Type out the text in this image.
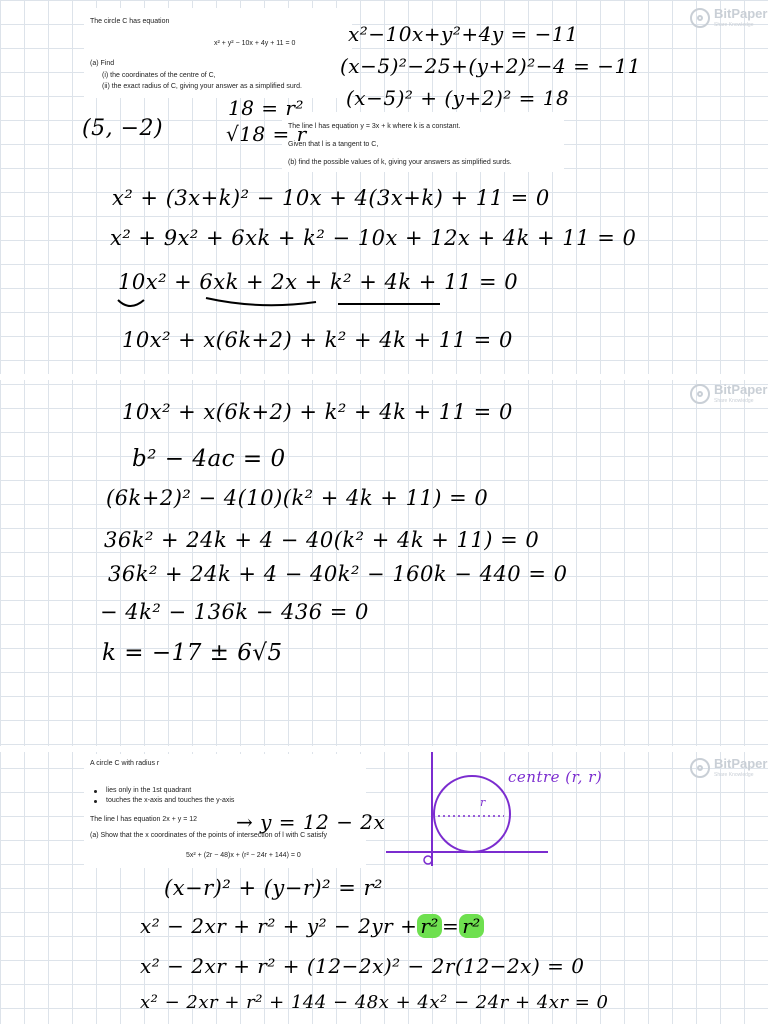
The circle C has equation
x² + y² − 10x + 4y + 11 = 0
(a) Find
(i) the coordinates of the centre of C,
(ii) the exact radius of C, giving your answer as a simplified surd.
The line l has equation y = 3x + k where k is a constant.
Given that l is a tangent to C,
(b) find the possible values of k, giving your answers as simplified surds.
BitPaper
Share Knowledge
BitPaper
Share Knowledge
BitPaper
Share Knowledge
x²−10x+y²+4y = −11
(x−5)²−25+(y+2)²−4 = −11
(x−5)² + (y+2)² = 18
18 = r²
√18 = r
(5, −2)
x² + (3x+k)² − 10x + 4(3x+k) + 11 = 0
x² + 9x² + 6xk + k² − 10x + 12x + 4k + 11 = 0
10x² + 6xk + 2x + k² + 4k + 11 = 0
10x² + x(6k+2) + k² + 4k + 11 = 0
10x² + x(6k+2) + k² + 4k + 11 = 0
b² − 4ac = 0
(6k+2)² − 4(10)(k² + 4k + 11) = 0
36k² + 24k + 4 − 40(k² + 4k + 11) = 0
36k² + 24k + 4 − 40k² − 160k − 440 = 0
− 4k² − 136k − 436 = 0
k = −17 ± 6√5
A circle C with radius r
lies only in the 1st quadrant
touches the x-axis and touches the y-axis
The line l has equation 2x + y = 12
(a) Show that the x coordinates of the points of intersection of l with C satisfy
5x² + (2r − 48)x + (r² − 24r + 144) = 0
→ y = 12 − 2x
r
centre (r, r)
(x−r)² + (y−r)² = r²
x² − 2xr + r² + y² − 2yr + r² = r²
x² − 2xr + r² + (12−2x)² − 2r(12−2x) = 0
x² − 2xr + r² + 144 − 48x + 4x² − 24r + 4xr = 0
